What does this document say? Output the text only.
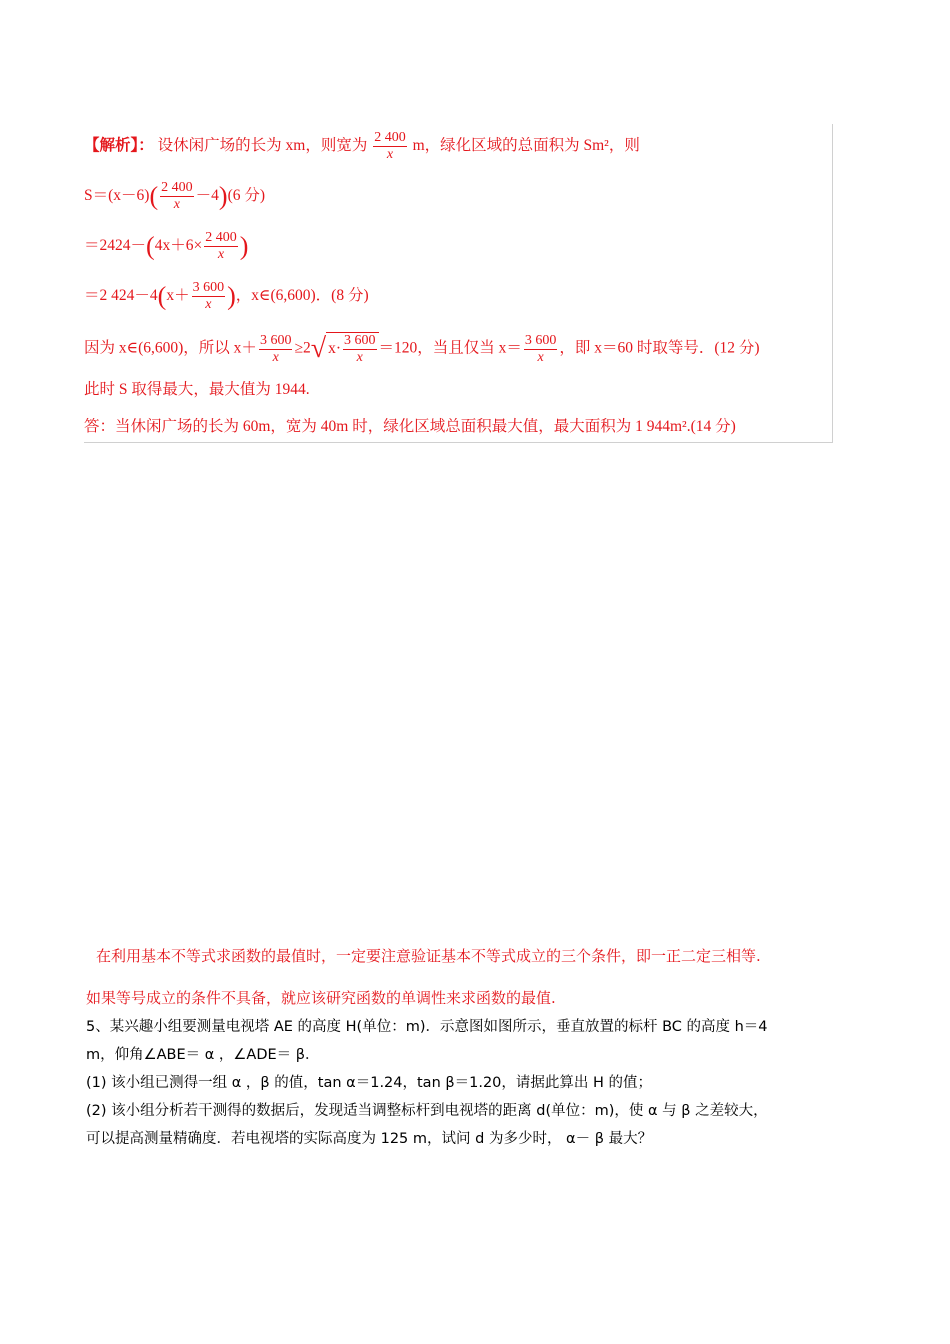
【解析】： 设休闲广场的长为 xm，则宽为 $\frac{2 400}{x}$ m，绿化区域的总面积为 Sm²，则
$S=(x-6)( \frac{2 400}{x} -4)(6$ 分)
$=2424-(4x+6\times \frac{2 400}{x}$ )
＝2 $424-4(x+ \frac{3 600}{x}$ )，x∈(6,600)．(8 分)
因为 x∈(6,600)，所以 $x+ \frac{3 600}{x} \ge 2√$ $x\cdot \frac{3 600}{x} =120$，当且仅当 $x= \frac{3 600}{x}$ ，即 x＝60 时取等号．(12 分)
此时 S 取得最大，最大值为 1944.
答：当休闲广场的长为 60m，宽为 40m 时，绿化区域总面积最大值，最大面积为 1 944m².(14 分)
在利用基本不等式求函数的最值时，一定要注意验证基本不等式成立的三个条件，即一正二定三相等.
如果等号成立的条件不具备，就应该研究函数的单调性来求函数的最值.
5、某兴趣小组要测量电视塔 AE 的高度 H(单位：m)．示意图如图所示，垂直放置的标杆 BC 的高度 h＝4
m，仰角∠ABE＝ α ，∠ADE＝ β．
(1) 该小组已测得一组 α ，β 的值，tan α＝1.24，tan β＝1.20，请据此算出 H 的值；
(2) 该小组分析若干测得的数据后，发现适当调整标杆到电视塔的距离 d(单位：m)，使 α 与 β 之差较大，
可以提高测量精确度．若电视塔的实际高度为 125 m，试问 d 为多少时， α－ β 最大？
